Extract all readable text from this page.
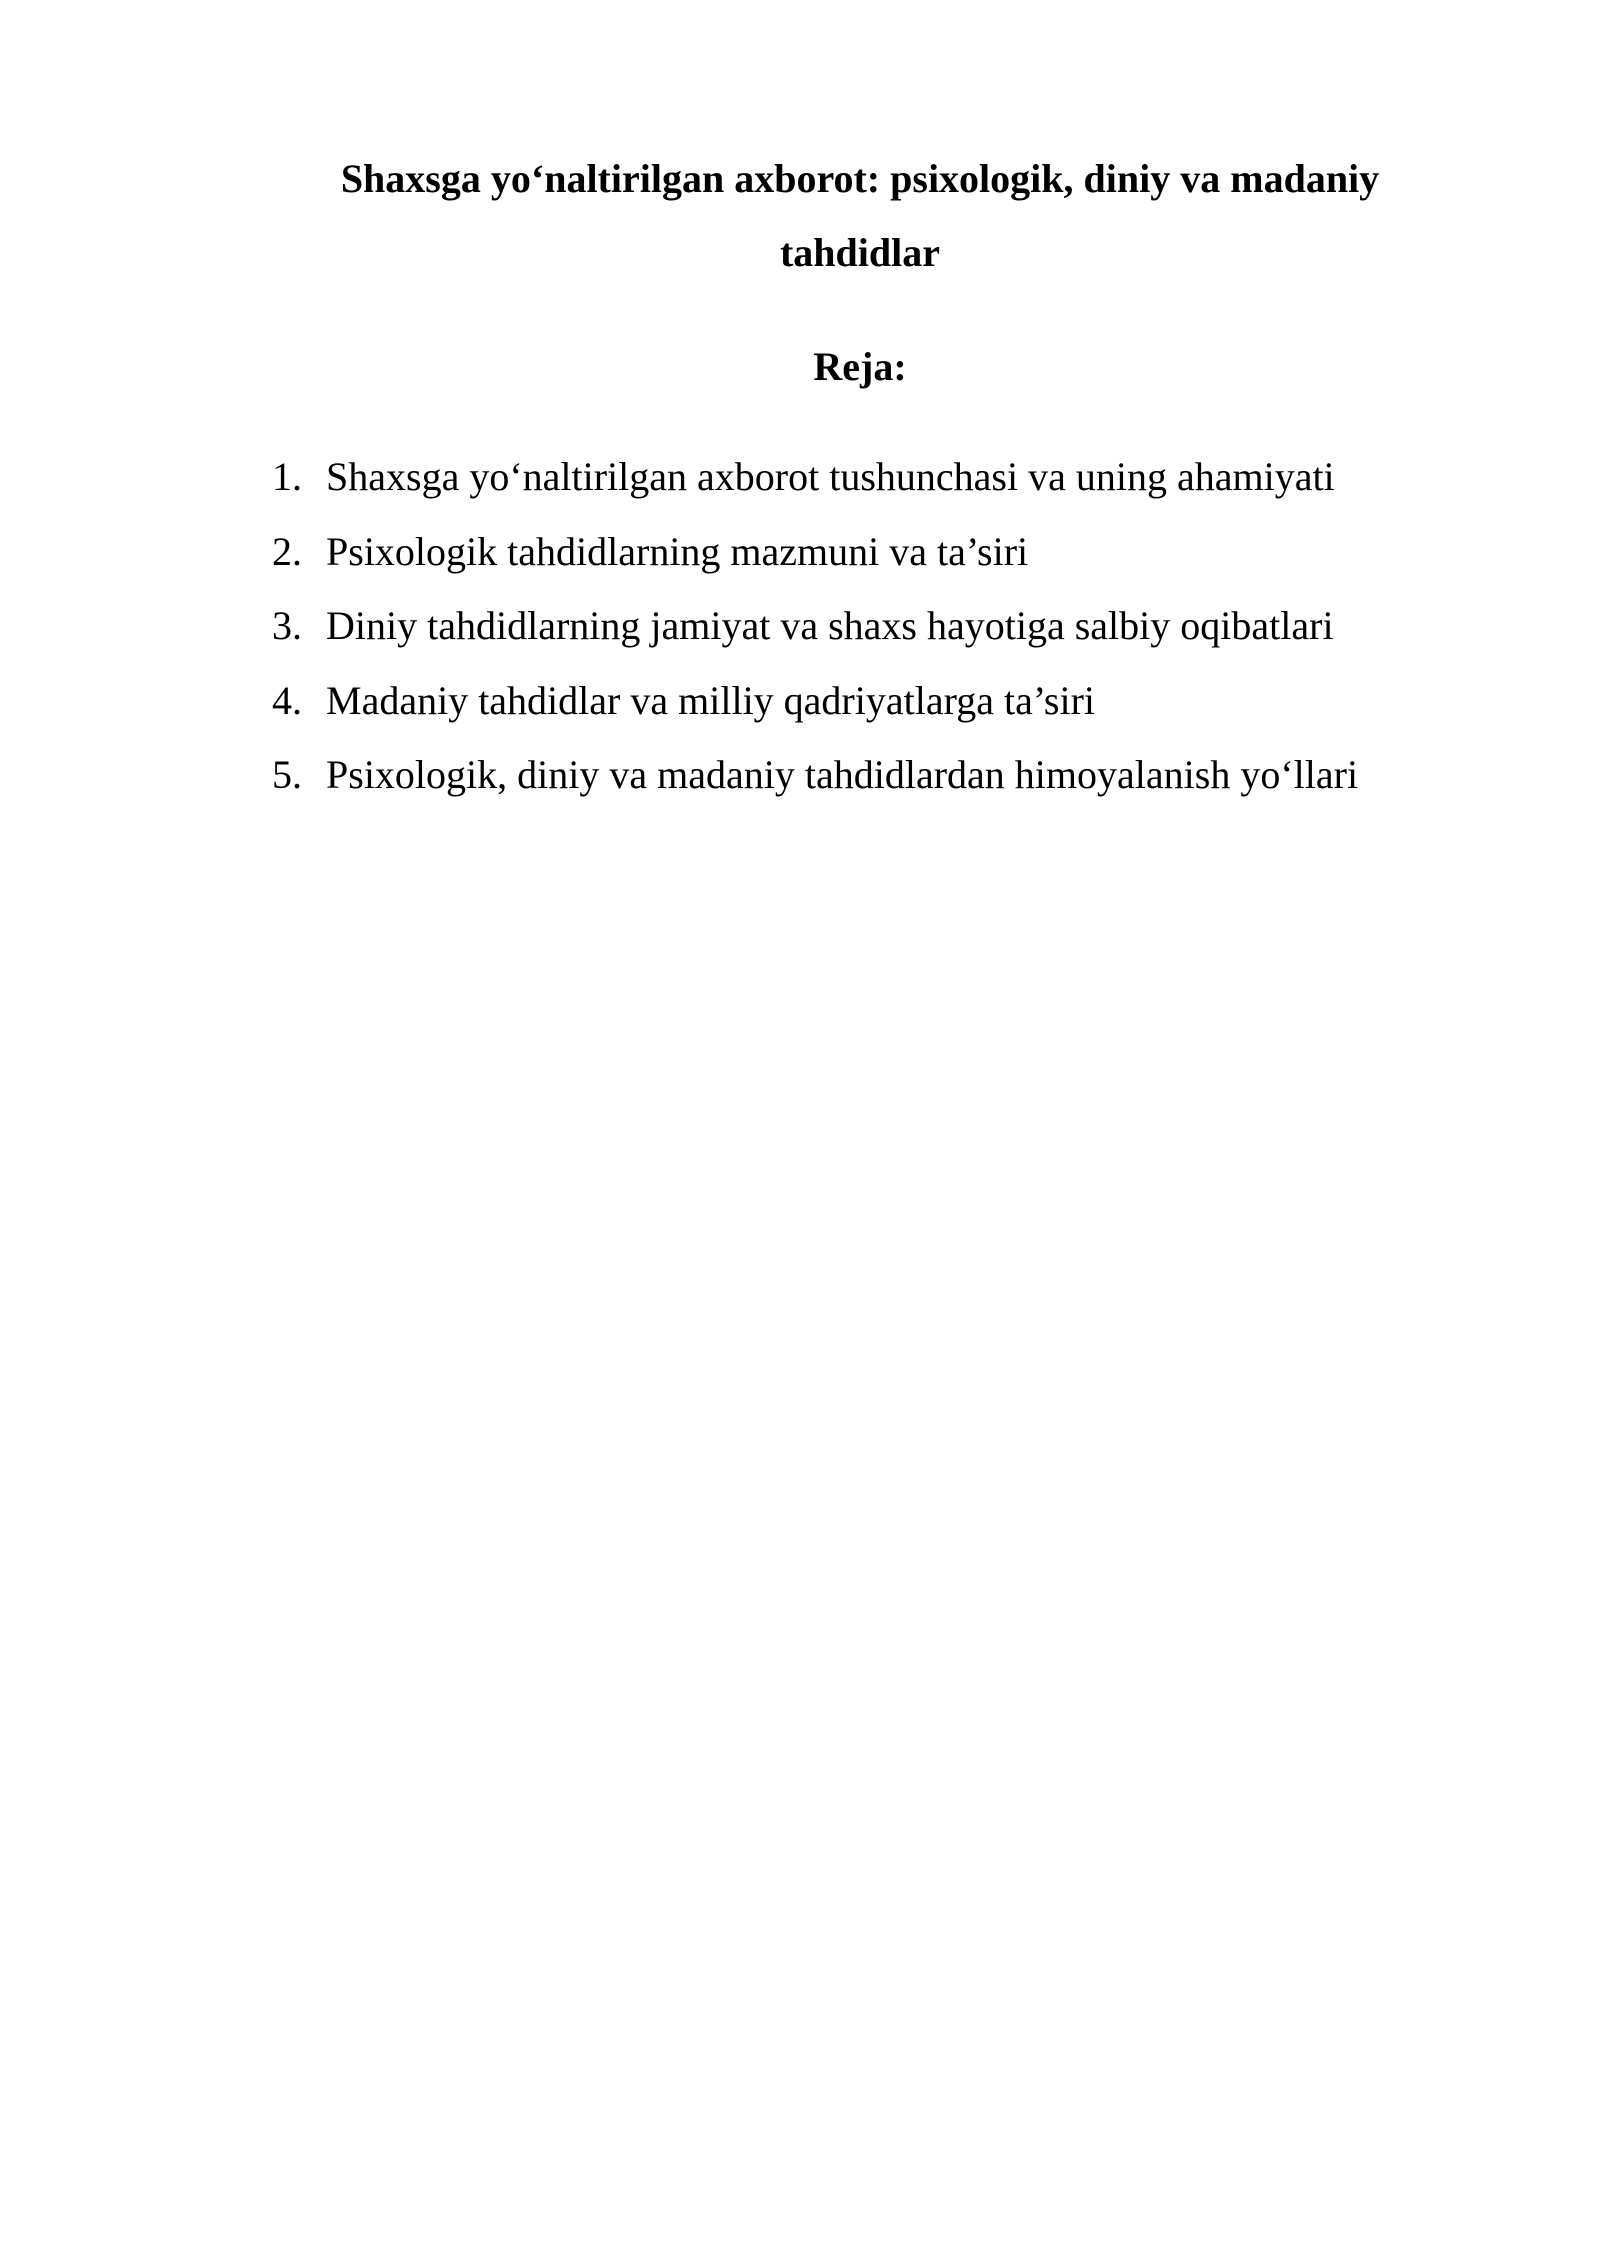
Shaxsga yo‘naltirilgan axborot: psixologik, diniy va madaniy
tahdidlar
Reja:
1. Shaxsga yo‘naltirilgan axborot tushunchasi va uning ahamiyati
2. Psixologik tahdidlarning mazmuni va ta’siri
3. Diniy tahdidlarning jamiyat va shaxs hayotiga salbiy oqibatlari
4. Madaniy tahdidlar va milliy qadriyatlarga ta’siri
5. Psixologik, diniy va madaniy tahdidlardan himoyalanish yo‘llari
